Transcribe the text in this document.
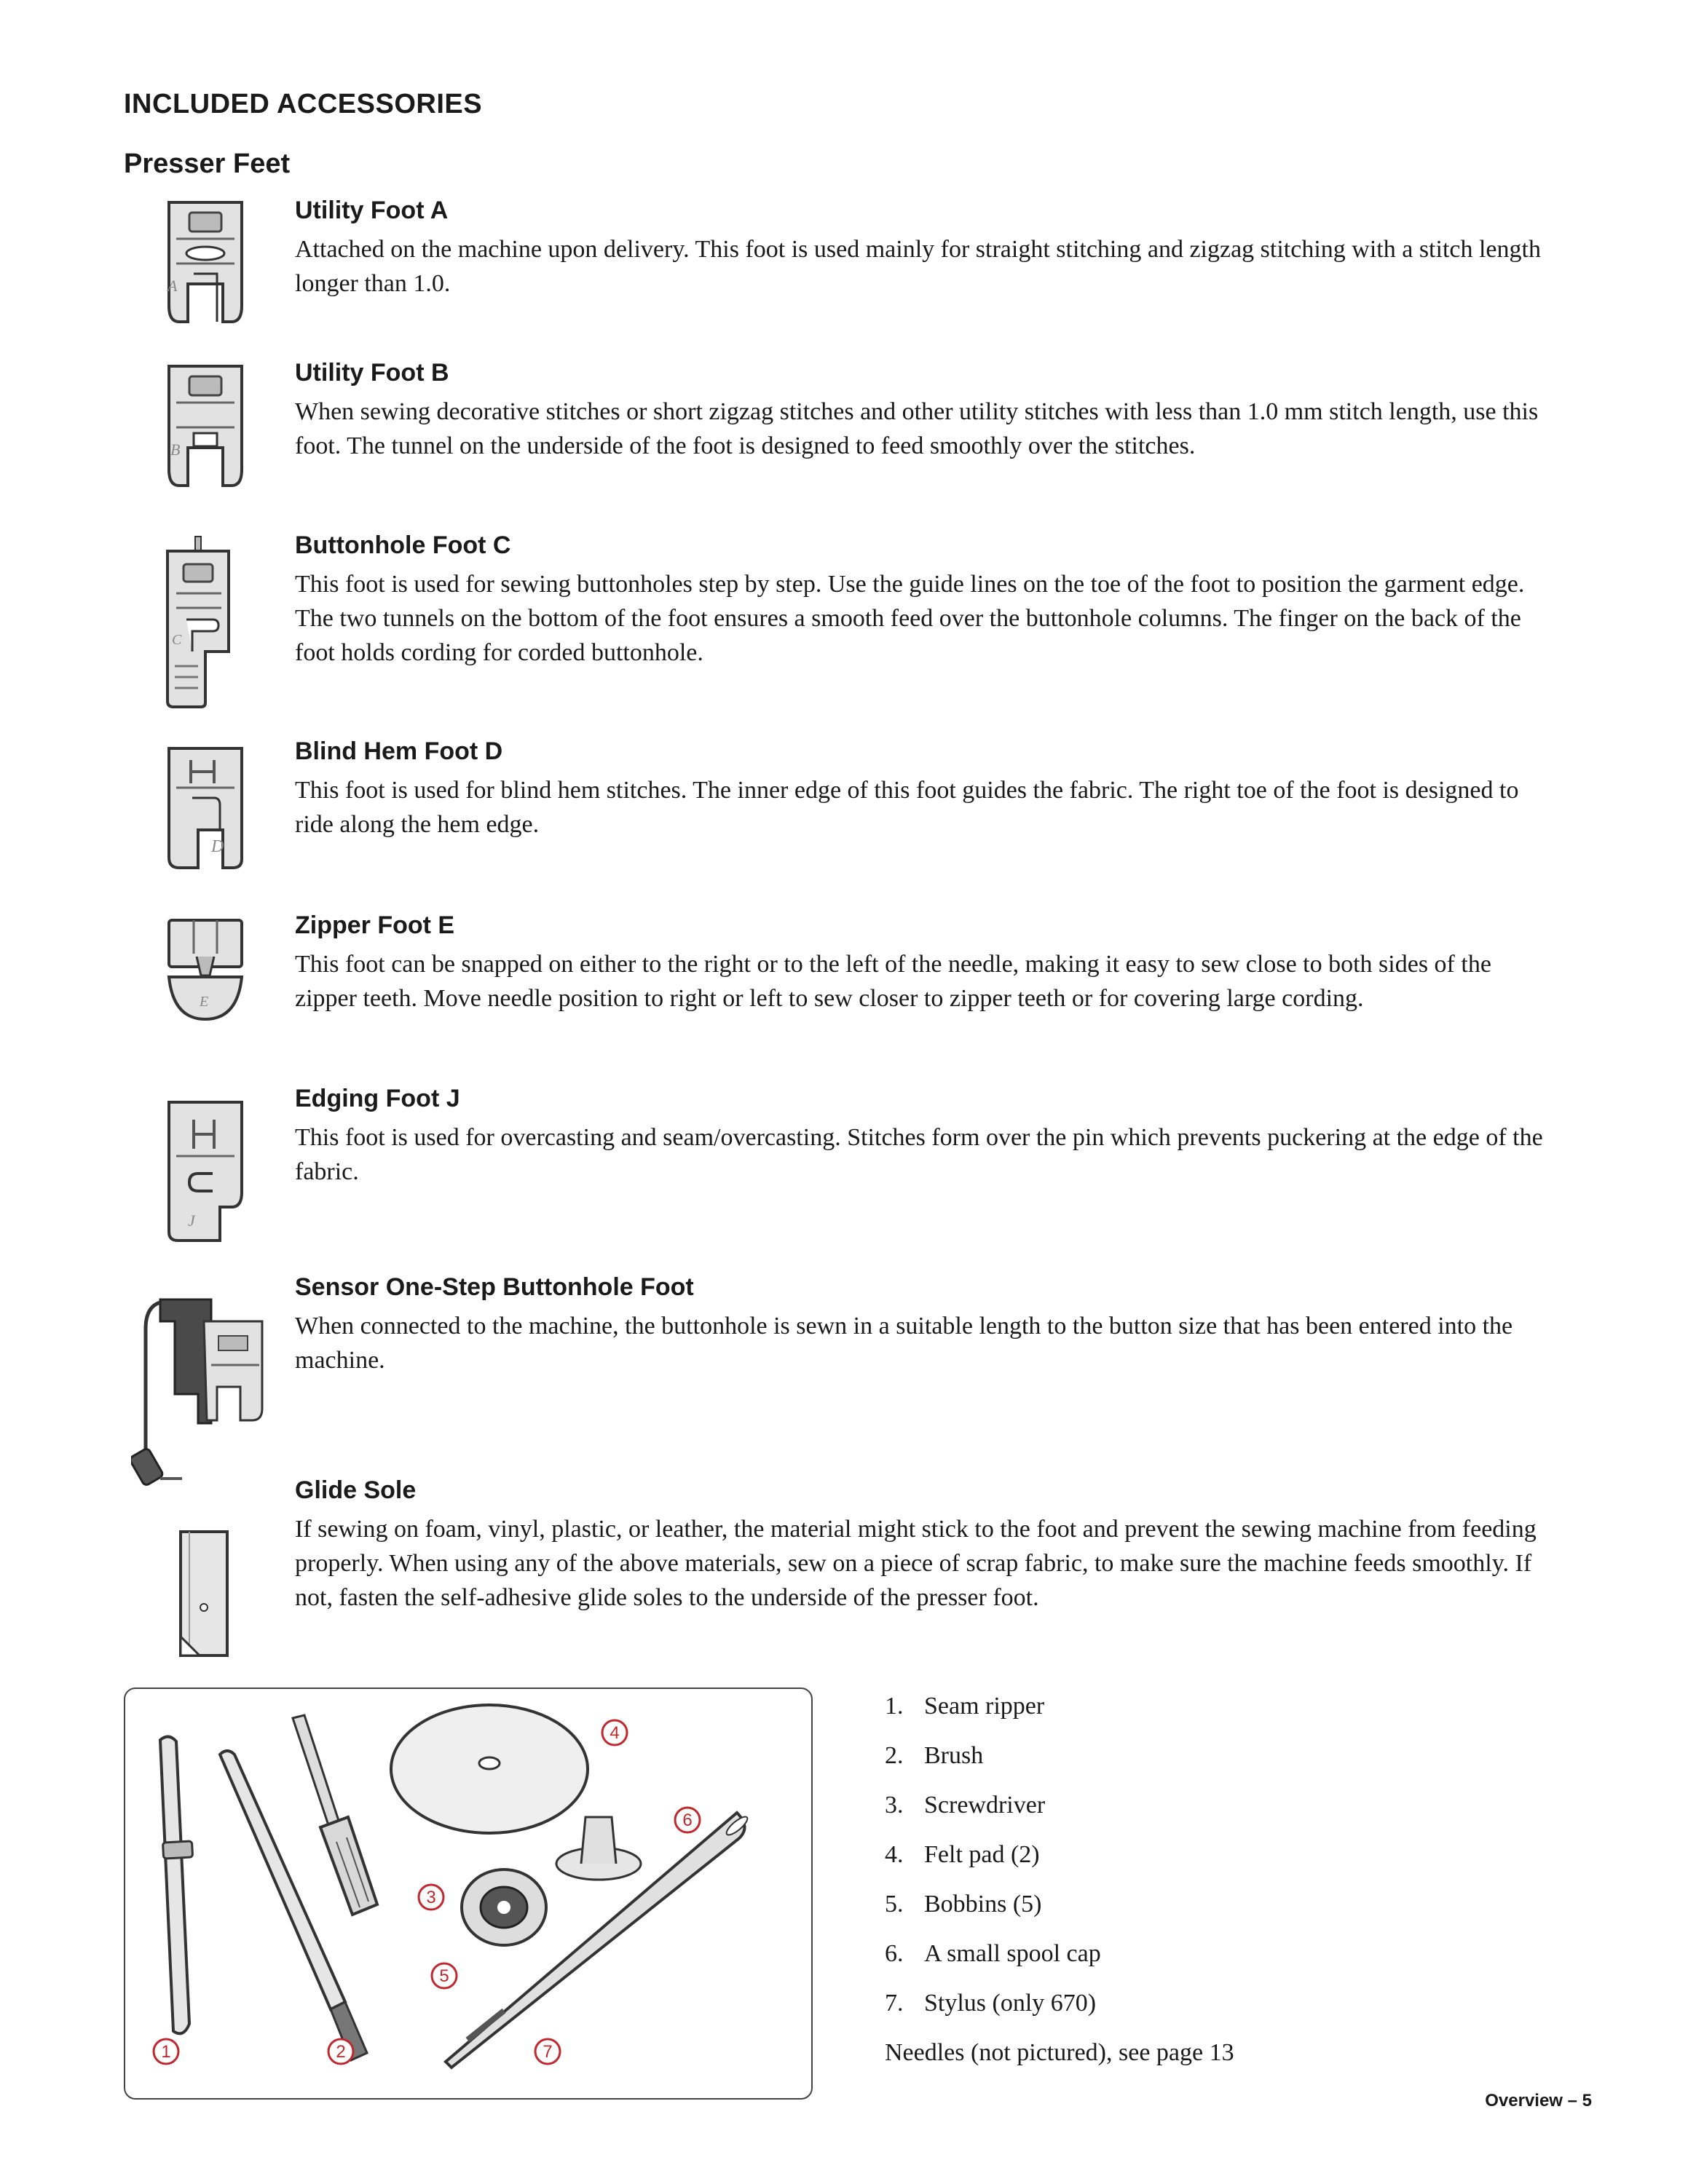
INCLUDED ACCESSORIES
Presser Feet
A

Utility Foot A

Attached on the machine upon delivery. This foot is used mainly for straight stitching and zigzag stitching with a stitch length longer than 1.0.

B

Utility Foot B

When sewing decorative stitches or short zigzag stitches and other utility stitches with less than 1.0 mm stitch length, use this foot. The tunnel on the underside of the foot is designed to feed smoothly over the stitches.

C

Buttonhole Foot C

This foot is used for sewing buttonholes step by step. Use the guide lines on the toe of the foot to position the garment edge. The two tunnels on the bottom of the foot ensures a smooth feed over the buttonhole columns. The finger on the back of the foot holds cording for corded buttonhole.

D

Blind Hem Foot D

This foot is used for blind hem stitches. The inner edge of this foot guides the fabric. The right toe of the foot is designed to ride along the hem edge.

E

Zipper Foot E

This foot can be snapped on either to the right or to the left of the needle, making it easy to sew close to both sides of the zipper teeth. Move needle position to right or left to sew closer to zipper teeth or for covering large cording.

J

Edging Foot J

This foot is used for overcasting and seam/overcasting. Stitches form over the pin which prevents puckering at the edge of the fabric.

Sensor One-Step Buttonhole Foot

When connected to the machine, the buttonhole is sewn in a suitable length to the button size that has been entered into the machine.

Glide Sole

If sewing on foam, vinyl, plastic, or leather, the material might stick to the foot and prevent the sewing machine from feeding properly. When using any of the above materials, sew on a piece of scrap fabric, to make sure the machine feeds smoothly. If not, fasten the self-adhesive glide soles to the underside of the presser foot.

1	2
3
4
5
6
7
1. Seam ripper
2. Brush
3. Screwdriver
4. Felt pad (2)
5. Bobbins (5)
6. A small spool cap
7. Stylus (only 670)
Needles (not pictured), see page 13
Overview – 5
